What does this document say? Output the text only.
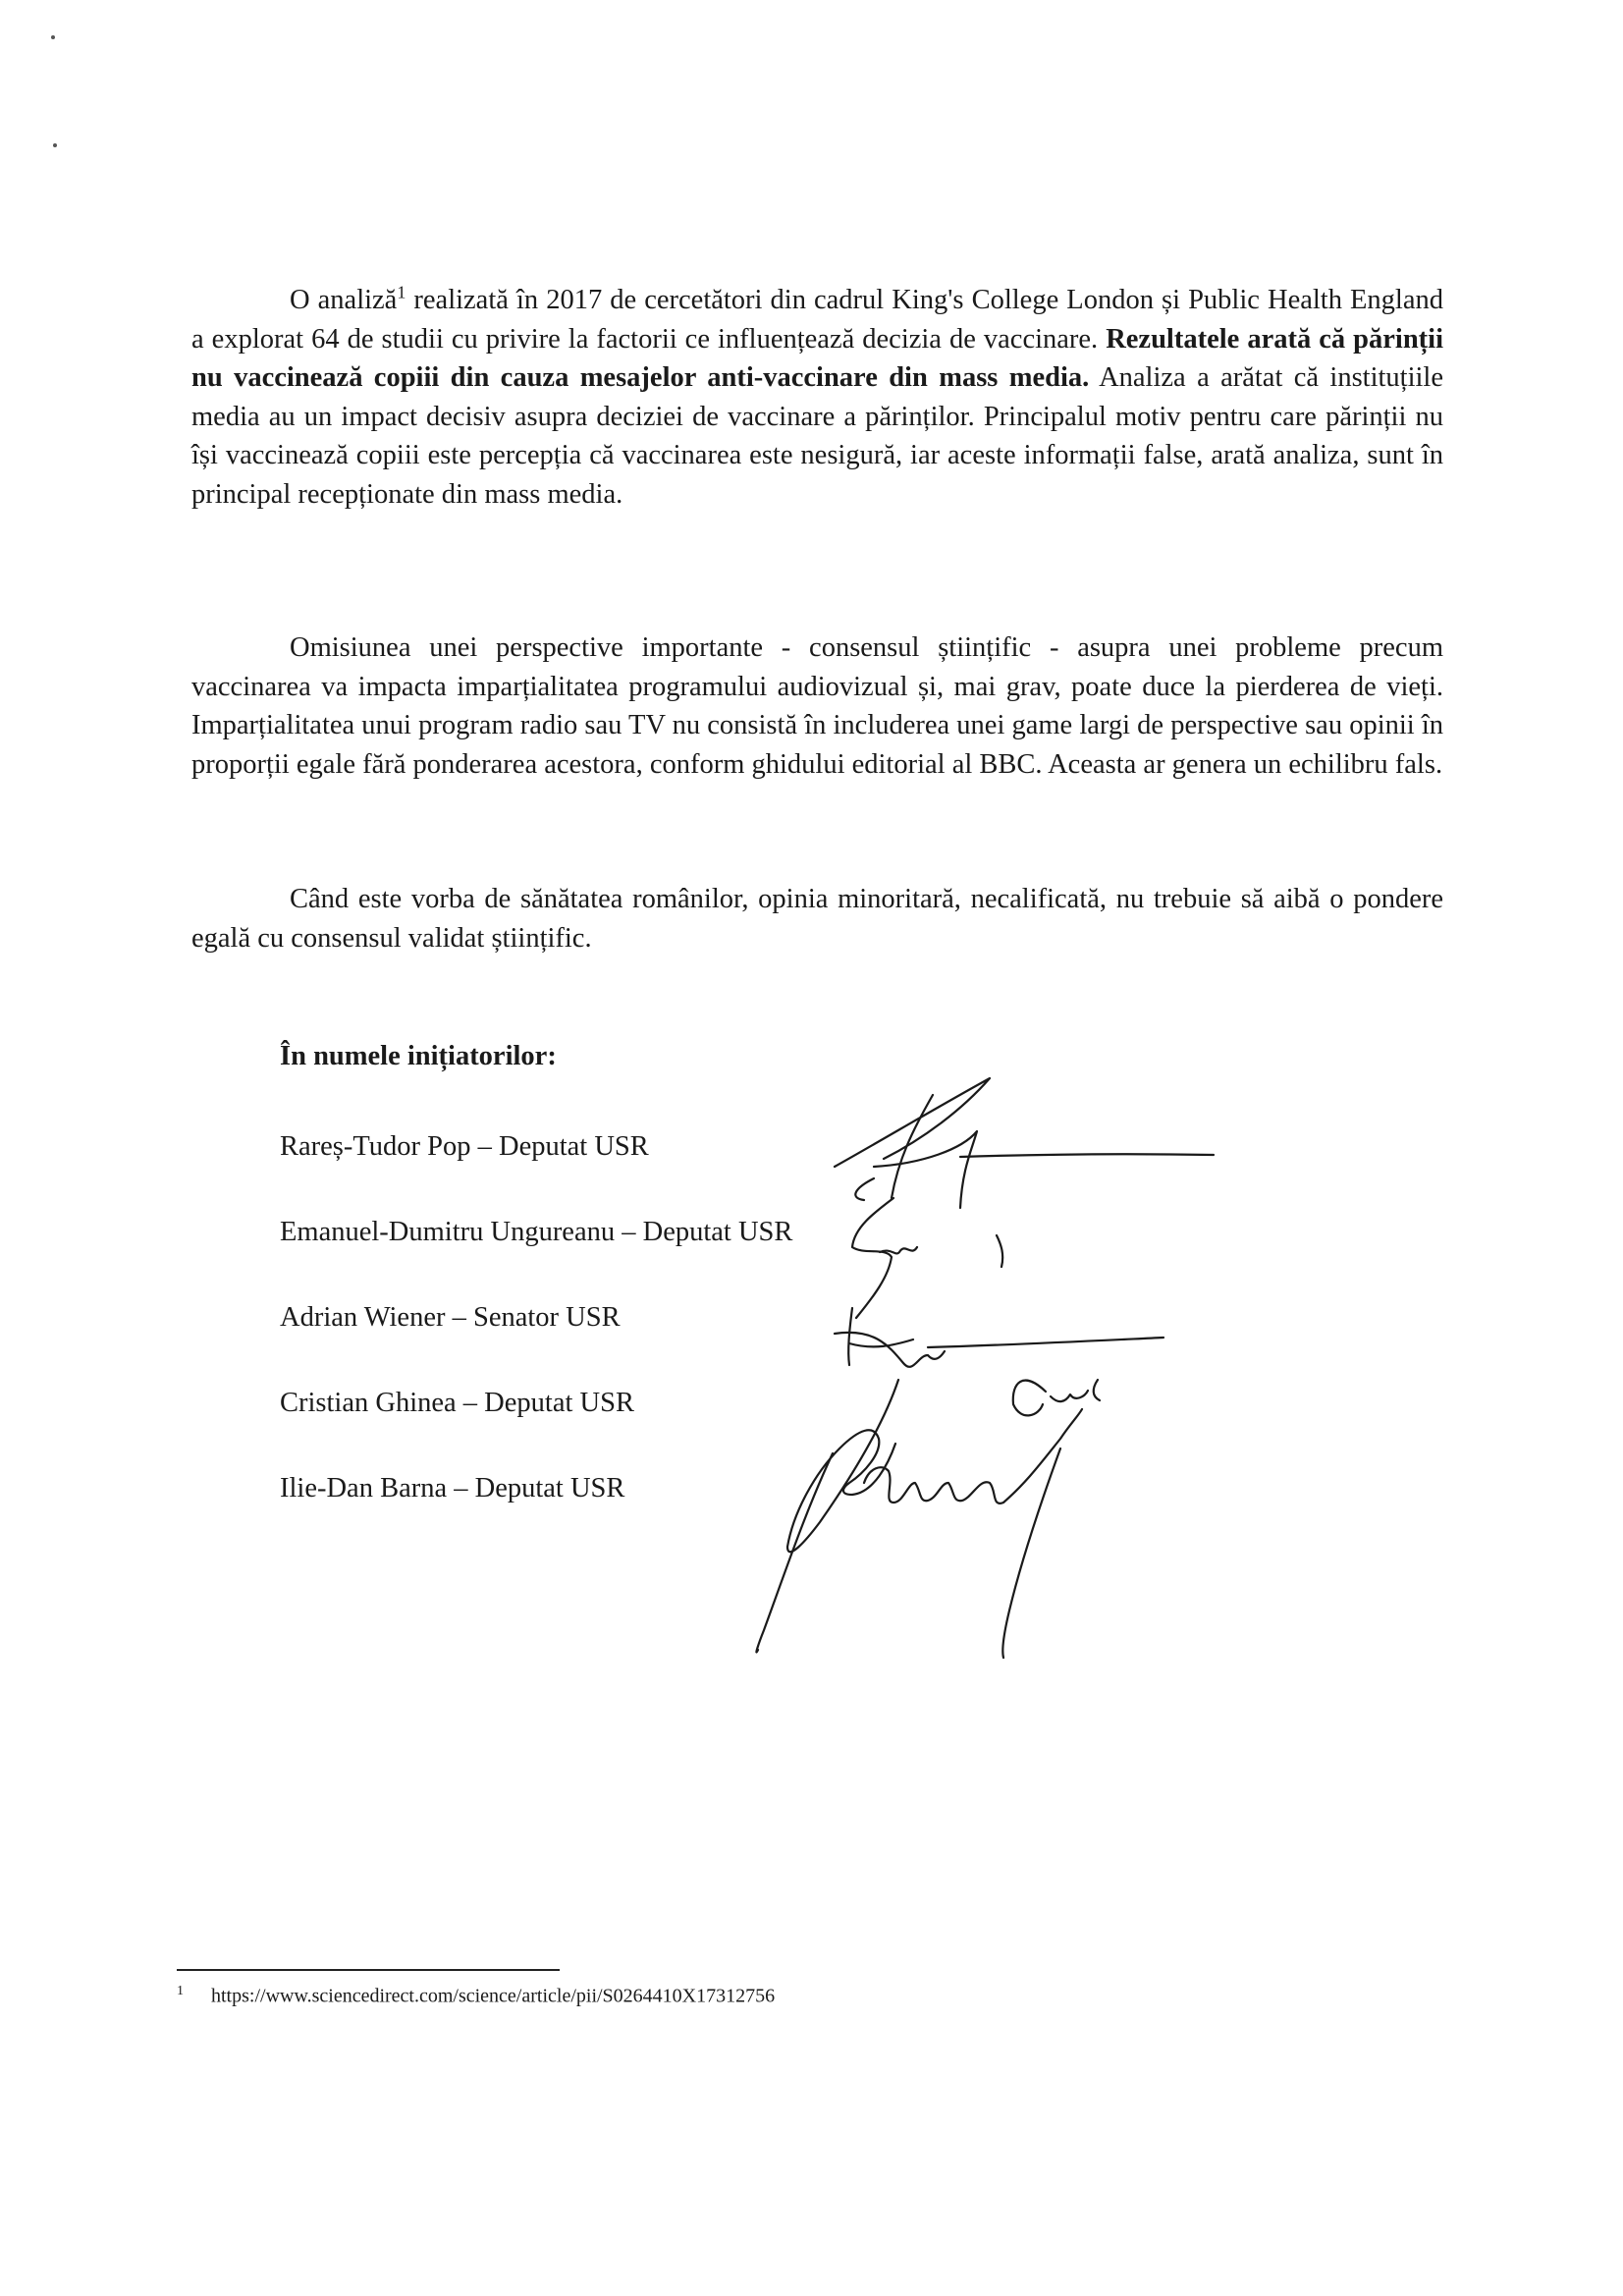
O analiză$^1$ realizată în 2017 de cercetători din cadrul King's College London și Public Health England a explorat 64 de studii cu privire la factorii ce influențează decizia de vaccinare. Rezultatele arată că părinții nu vaccinează copiii din cauza mesajelor anti-vaccinare din mass media. Analiza a arătat că instituțiile media au un impact decisiv asupra deciziei de vaccinare a părinților. Principalul motiv pentru care părinții nu își vaccinează copiii este percepția că vaccinarea este nesigură, iar aceste informații false, arată analiza, sunt în principal recepționate din mass media.

Omisiunea unei perspective importante - consensul științific - asupra unei probleme precum vaccinarea va impacta imparțialitatea programului audiovizual și, mai grav, poate duce la pierderea de vieți. Imparțialitatea unui program radio sau TV nu consistă în includerea unei game largi de perspective sau opinii în proporții egale fără ponderarea acestora, conform ghidului editorial al BBC. Aceasta ar genera un echilibru fals.

Când este vorba de sănătatea românilor, opinia minoritară, necalificată, nu trebuie să aibă o pondere egală cu consensul validat științific.

În numele inițiatorilor:

Rareș-Tudor Pop – Deputat USR
Emanuel-Dumitru Ungureanu – Deputat USR
Adrian Wiener – Senator USR
Cristian Ghinea – Deputat USR
Ilie-Dan Barna – Deputat USR

$^1$ https://www.sciencedirect.com/science/article/pii/S0264410X17312756
